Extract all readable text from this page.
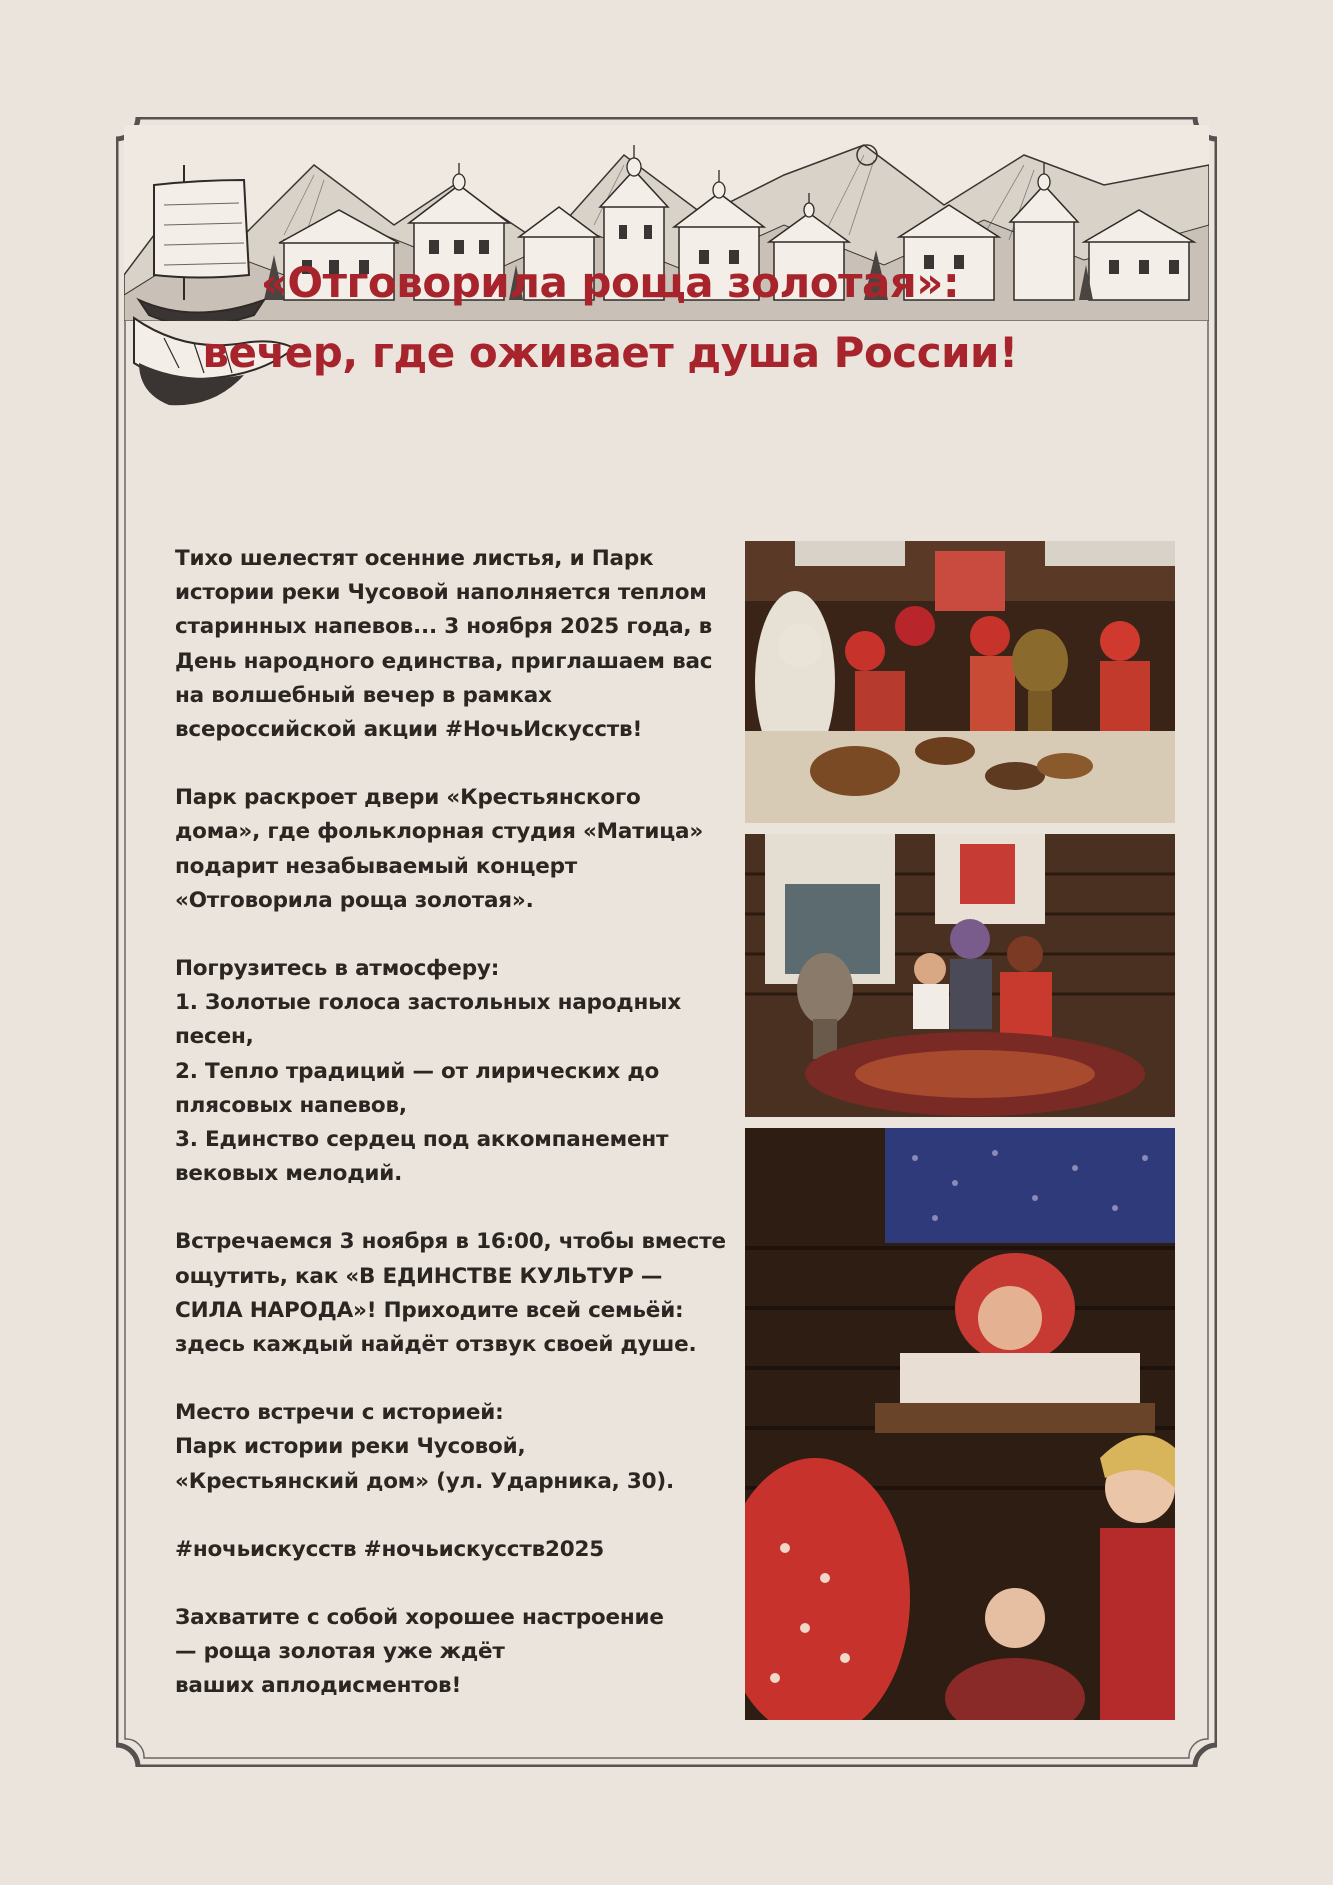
«Отговорила роща золотая»:
вечер, где оживает душа России!

Тихо шелестят осенние листья, и Парк
истории реки Чусовой наполняется теплом
старинных напевов... 3 ноября 2025 года, в
День народного единства, приглашаем вас
на волшебный вечер в рамках
всероссийской акции #НочьИскусств!

Парк раскроет двери «Крестьянского
дома», где фольклорная студия «Матица»
подарит незабываемый концерт
«Отговорила роща золотая».

Погрузитесь в атмосферу:
1. Золотые голоса застольных народных
песен,
2. Тепло традиций — от лирических до
плясовых напевов,
3. Единство сердец под аккомпанемент
вековых мелодий.

Встречаемся 3 ноября в 16:00, чтобы вместе
ощутить, как «В ЕДИНСТВЕ КУЛЬТУР —
СИЛА НАРОДА»! Приходите всей семьёй:
здесь каждый найдёт отзвук своей душе.

Место встречи с историей:
Парк истории реки Чусовой,
«Крестьянский дом» (ул. Ударника, 30).

#ночьискусств #ночьискусств2025

Захватите с собой хорошее настроение
— роща золотая уже ждёт
ваших аплодисментов!
